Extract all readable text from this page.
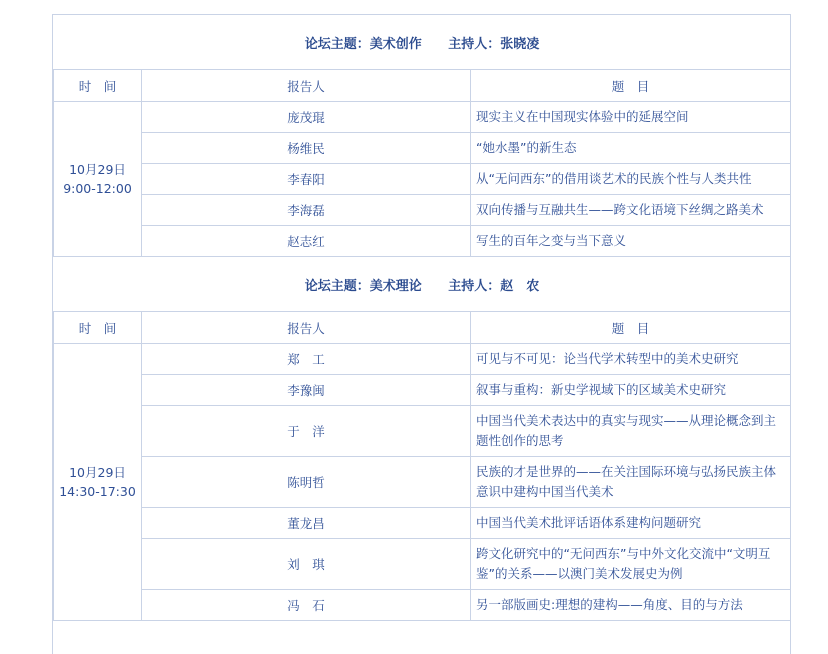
论坛主题：美术创作 主持人：张晓凌		
时　间	报告人	题　目

10月29日
9:00-12:00	庞茂琨	现实主义在中国现实体验中的延展空间
	杨维民	“她水墨”的新生态
	李春阳	从“无问西东”的借用谈艺术的民族个性与人类共性
	李海磊	双向传播与互融共生——跨文化语境下丝绸之路美术
	赵志红	写生的百年之变与当下意义
论坛主题：美术理论 主持人：赵　农		
时　间	报告人	题　目

10月29日
14:30-17:30	郑　工	可见与不可见：论当代学术转型中的美术史研究
	李豫闽	叙事与重构：新史学视域下的区域美术史研究
	于　洋	中国当代美术表达中的真实与现实——从理论概念到主题性创作的思考
	陈明哲	民族的才是世界的——在关注国际环境与弘扬民族主体意识中建构中国当代美术
	董龙昌	中国当代美术批评话语体系建构问题研究
	刘　琪	跨文化研究中的“无问西东”与中外文化交流中“文明互鉴”的关系——以澳门美术发展史为例
	冯　石	另一部版画史:理想的建构——角度、目的与方法
